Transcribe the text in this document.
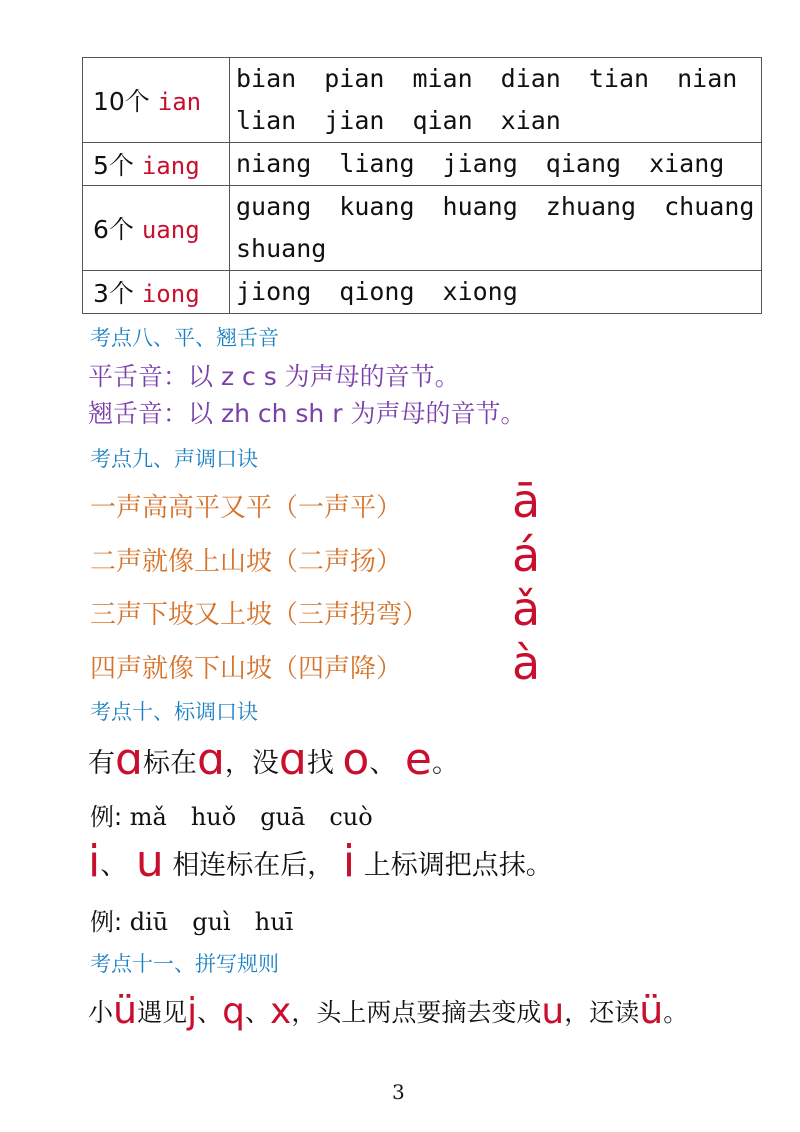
10个 ian	bian pian mian dian tian nian
lian jian qian xian
5个 iang	niang liang jiang qiang xiang
6个 uang	guang kuang huang zhuang chuang
shuang
3个 iong	jiong qiong xiong
考点八、平、翘舌音
平舌音：以 z c s 为声母的音节。
翘舌音：以 zh ch sh r 为声母的音节。
考点九、声调口诀
一声高高平又平（一声平） ā
二声就像上山坡（二声扬） á
三声下坡又上坡（三声拐弯） ǎ
四声就像下山坡（四声降） à
考点十、标调口诀
有ɑ标在ɑ，没ɑ找 o、 e。
例: mǎ huǒ guā cuò
i、 u 相连标在后， i 上标调把点抹。
例: diū guì huī
考点十一、拼写规则
小ü遇见j、q、x，头上两点要摘去变成u，还读ü。
3
